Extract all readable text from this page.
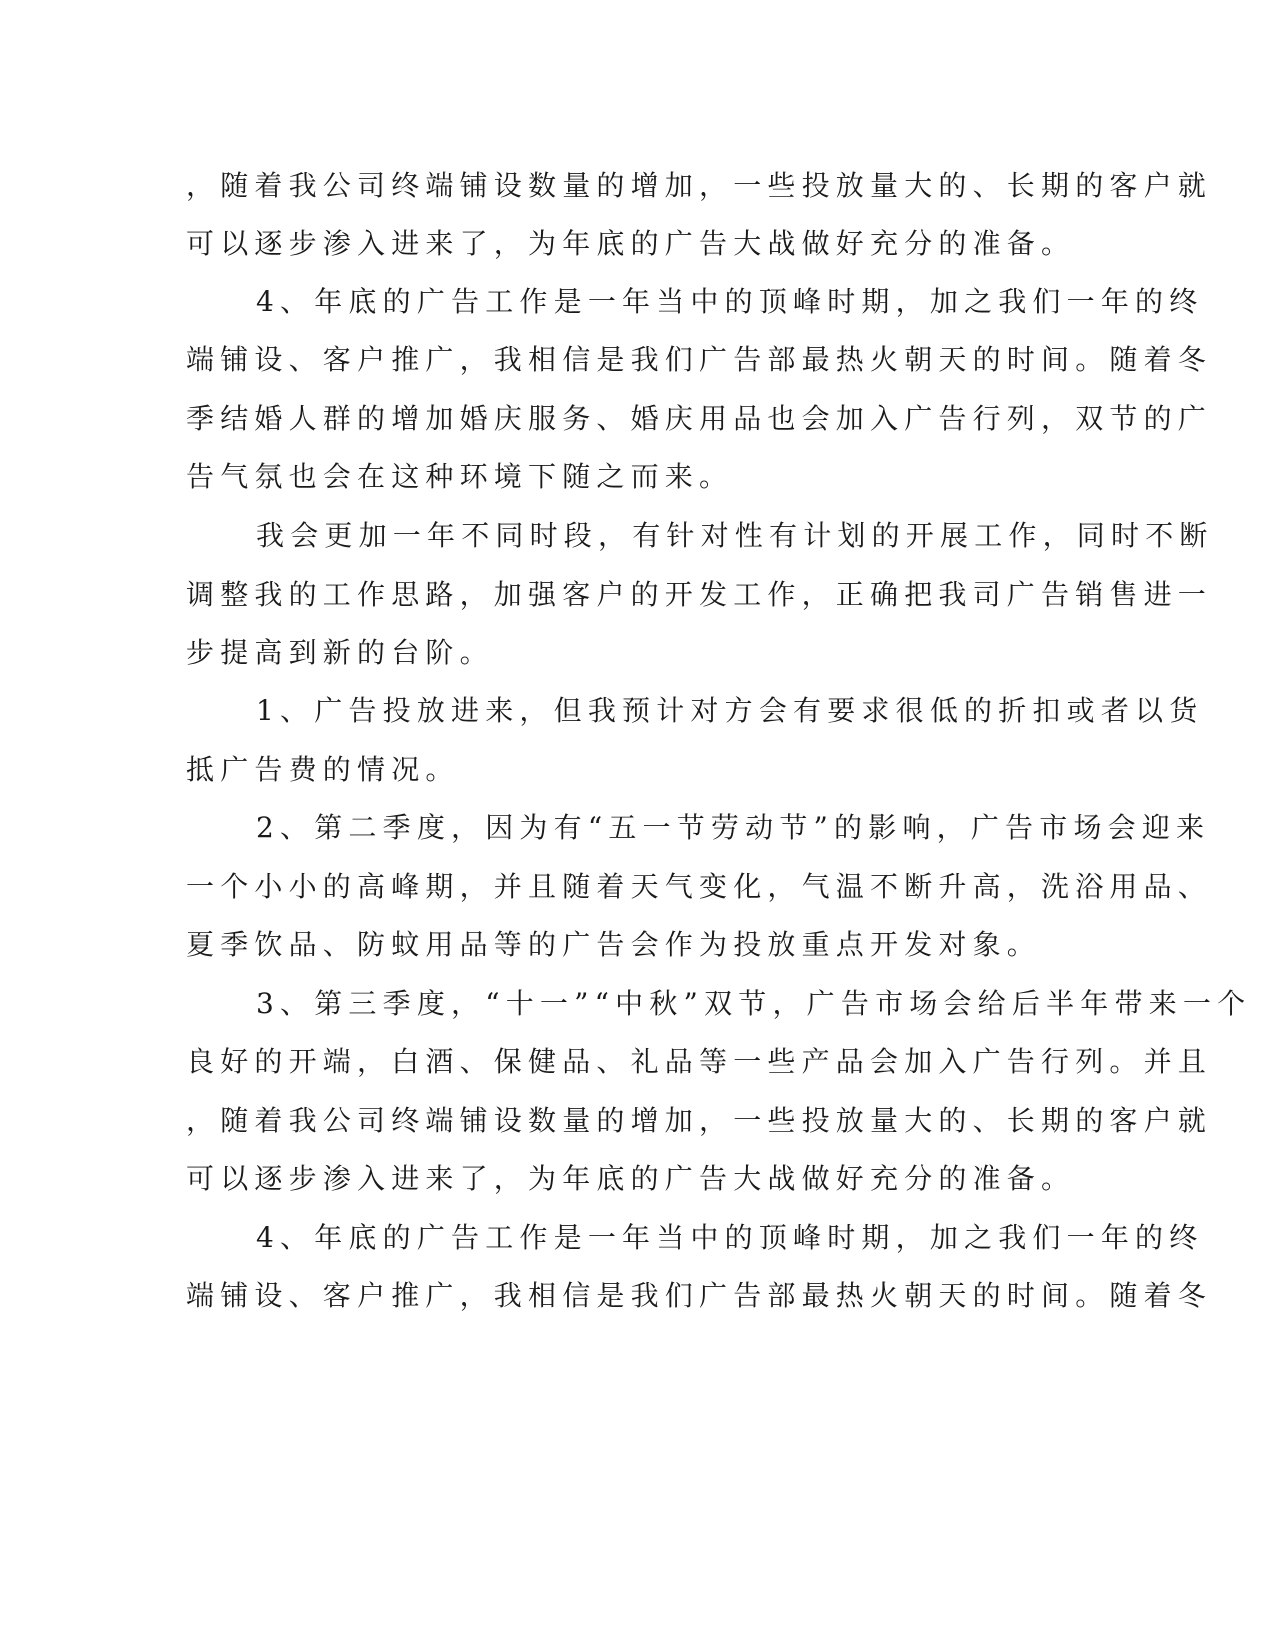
，随着我公司终端铺设数量的增加，一些投放量大的、长期的客户就
可以逐步渗入进来了，为年底的广告大战做好充分的准备。
4、年底的广告工作是一年当中的顶峰时期，加之我们一年的终
端铺设、客户推广，我相信是我们广告部最热火朝天的时间。随着冬
季结婚人群的增加婚庆服务、婚庆用品也会加入广告行列，双节的广
告气氛也会在这种环境下随之而来。
我会更加一年不同时段，有针对性有计划的开展工作，同时不断
调整我的工作思路，加强客户的开发工作，正确把我司广告销售进一
步提高到新的台阶。
1、广告投放进来，但我预计对方会有要求很低的折扣或者以货
抵广告费的情况。
2、第二季度，因为有“五一节劳动节”的影响，广告市场会迎来
一个小小的高峰期，并且随着天气变化，气温不断升高，洗浴用品、
夏季饮品、防蚊用品等的广告会作为投放重点开发对象。
3、第三季度，“十一”“中秋”双节，广告市场会给后半年带来一个
良好的开端，白酒、保健品、礼品等一些产品会加入广告行列。并且
，随着我公司终端铺设数量的增加，一些投放量大的、长期的客户就
可以逐步渗入进来了，为年底的广告大战做好充分的准备。
4、年底的广告工作是一年当中的顶峰时期，加之我们一年的终
端铺设、客户推广，我相信是我们广告部最热火朝天的时间。随着冬
